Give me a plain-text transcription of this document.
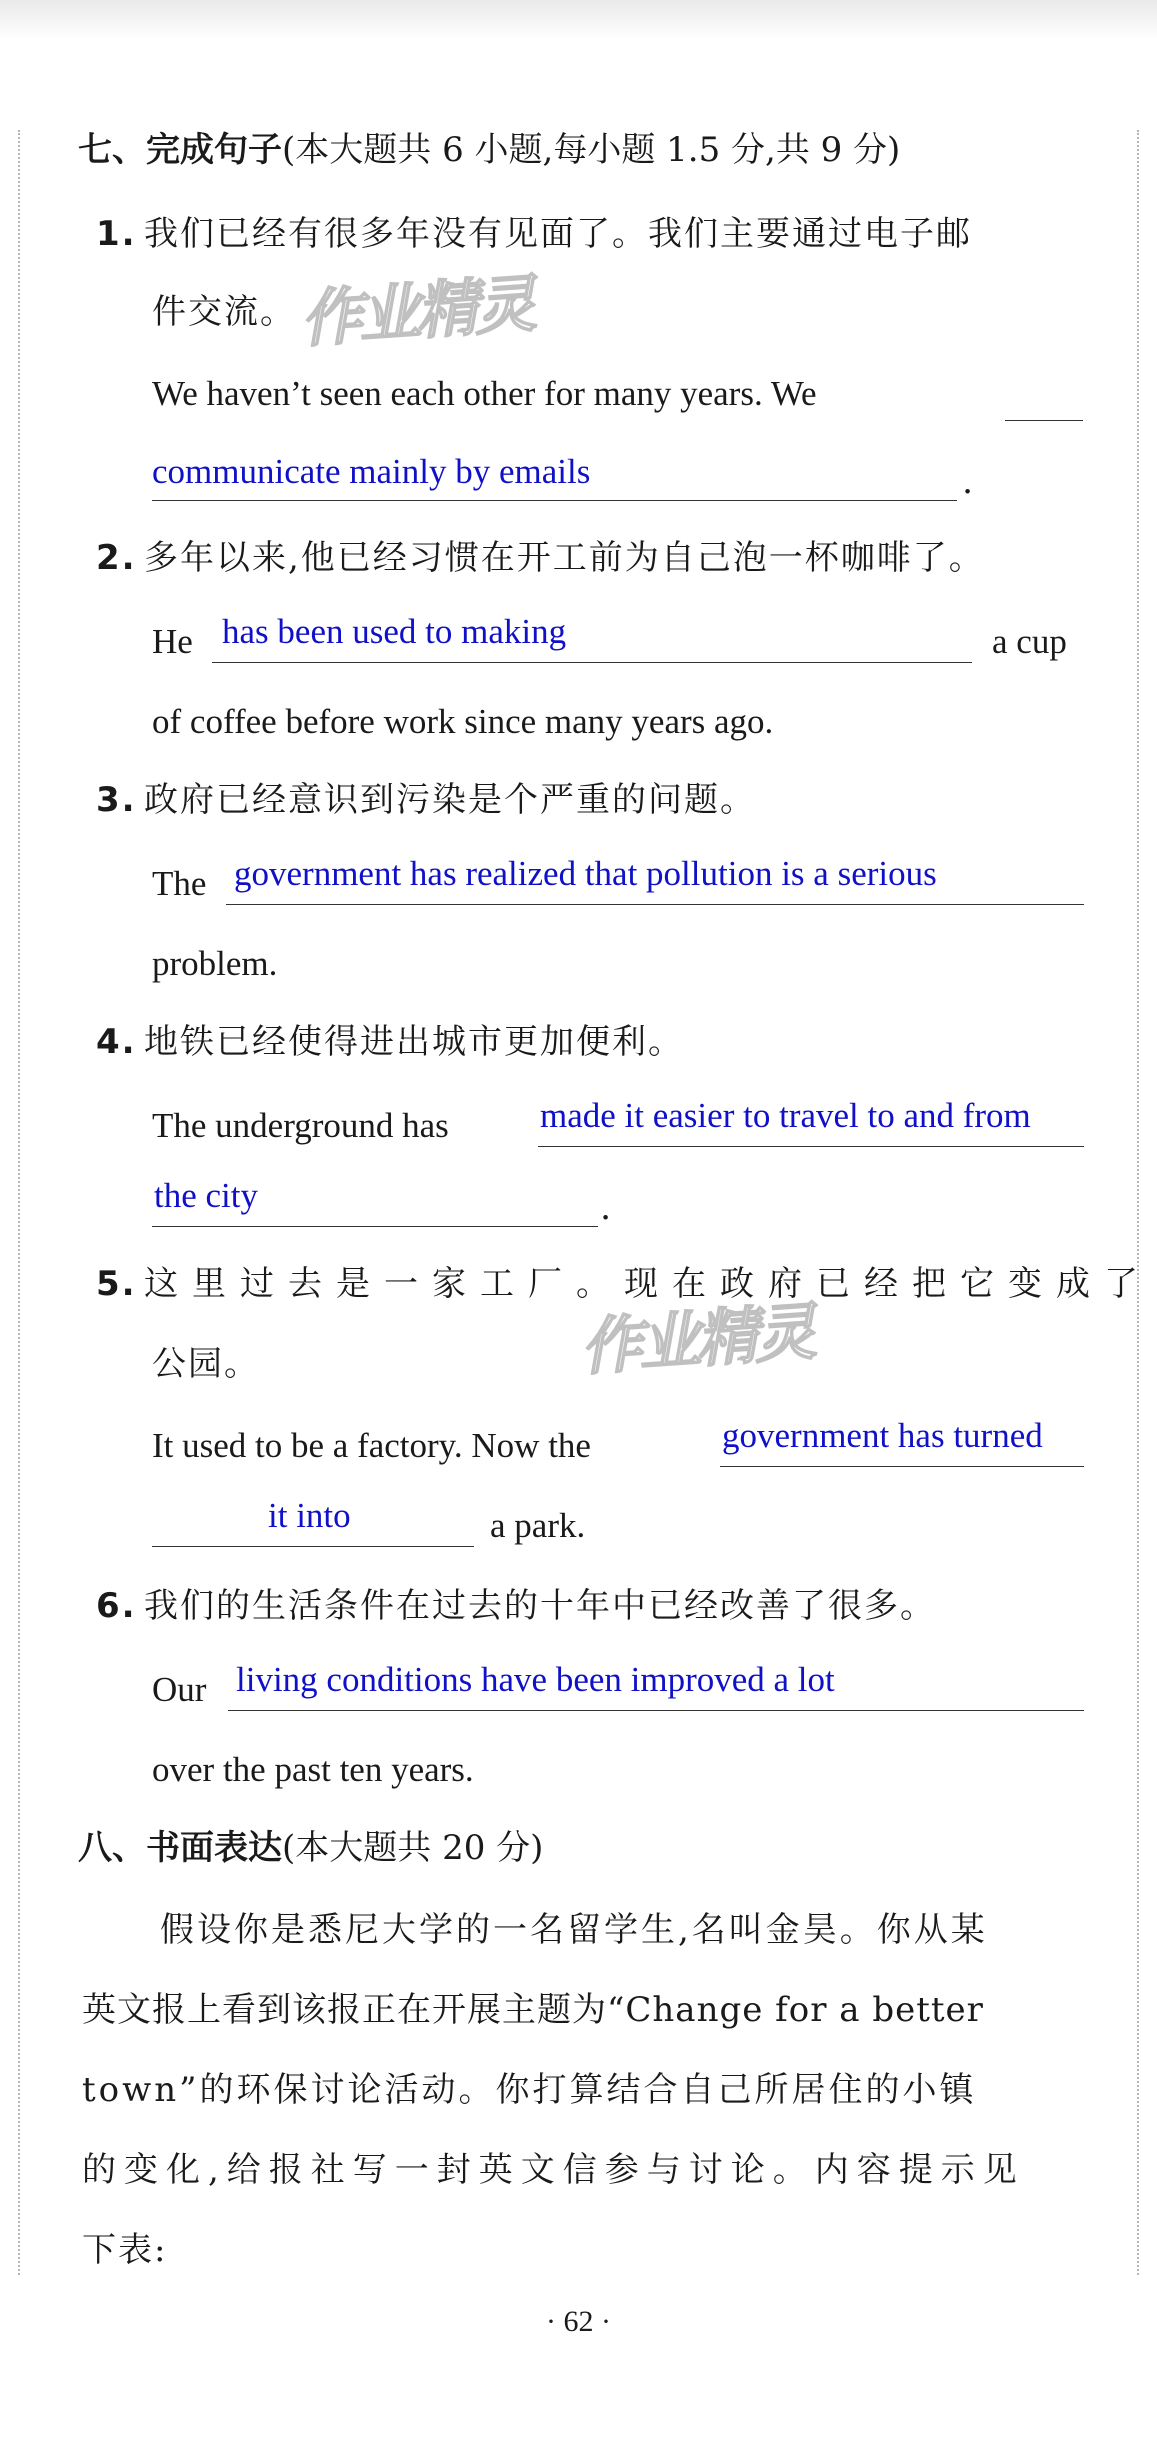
七、完成句子(本大题共 6 小题,每小题 1.5 分,共 9 分)
1. 我们已经有很多年没有见面了。我们主要通过电子邮
件交流。
We haven’t seen each other for many years. We
communicate mainly by emails	.
2. 多年以来,他已经习惯在开工前为自己泡一杯咖啡了。
He has been used to making	a cup
of coffee before work since many years ago.
3. 政府已经意识到污染是个严重的问题。
The government has realized that pollution is a serious
problem.
4. 地铁已经使得进出城市更加便利。
The underground has	made it easier to travel to and from
the city	.
5. 这里过去是一家工厂。现在政府已经把它变成了
公园。
It used to be a factory. Now the	government has turned
it into	a park.
6. 我们的生活条件在过去的十年中已经改善了很多。
Our living conditions have been improved a lot
over the past ten years.
八、书面表达(本大题共 20 分)
假设你是悉尼大学的一名留学生,名叫金昊。你从某
英文报上看到该报正在开展主题为“Change for a better
town”的环保讨论活动。你打算结合自己所居住的小镇
的变化,给报社写一封英文信参与讨论。内容提示见
下表:
作业精灵
作业精灵
· 62 ·
